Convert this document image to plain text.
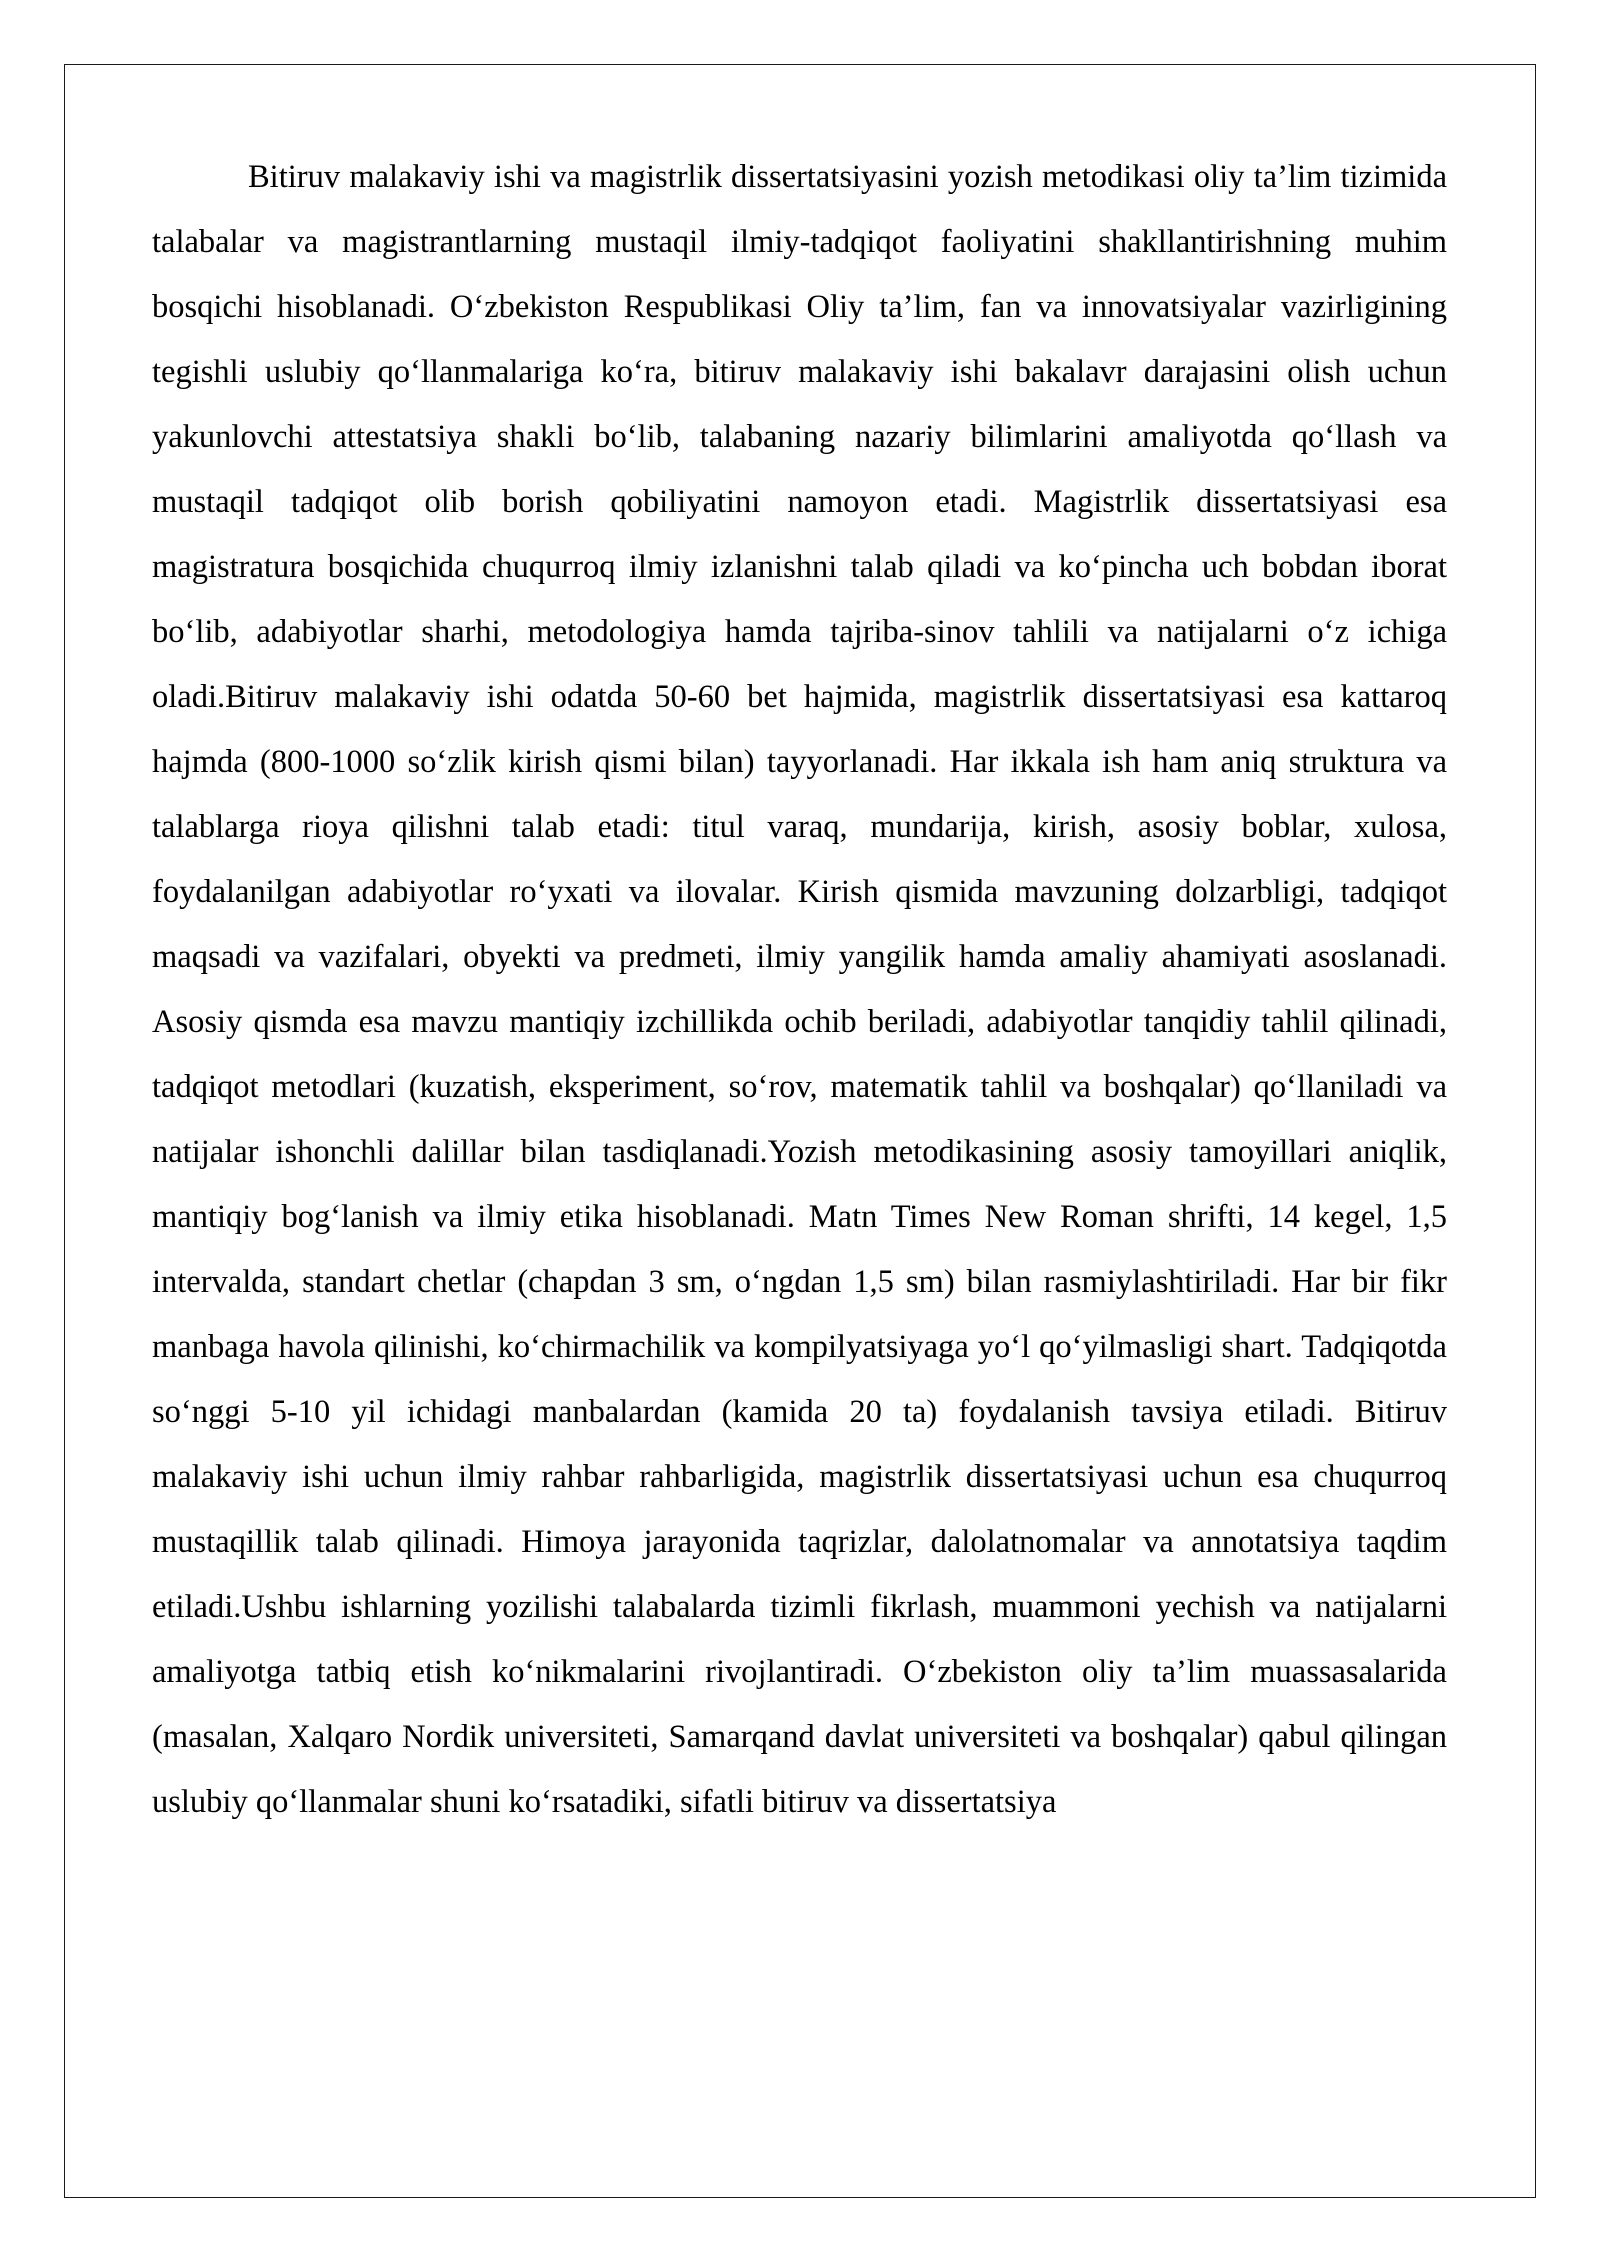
Bitiruv malakaviy ishi va magistrlik dissertatsiyasini yozish metodikasi oliy ta’lim tizimida talabalar va magistrantlarning mustaqil ilmiy-tadqiqot faoliyatini shakllantirishning muhim bosqichi hisoblanadi. O‘zbekiston Respublikasi Oliy ta’lim, fan va innovatsiyalar vazirligining tegishli uslubiy qo‘llanmalariga ko‘ra, bitiruv malakaviy ishi bakalavr darajasini olish uchun yakunlovchi attestatsiya shakli bo‘lib, talabaning nazariy bilimlarini amaliyotda qo‘llash va mustaqil tadqiqot olib borish qobiliyatini namoyon etadi. Magistrlik dissertatsiyasi esa magistratura bosqichida chuqurroq ilmiy izlanishni talab qiladi va ko‘pincha uch bobdan iborat bo‘lib, adabiyotlar sharhi, metodologiya hamda tajriba-sinov tahlili va natijalarni o‘z ichiga oladi.Bitiruv malakaviy ishi odatda 50-60 bet hajmida, magistrlik dissertatsiyasi esa kattaroq hajmda (800-1000 so‘zlik kirish qismi bilan) tayyorlanadi. Har ikkala ish ham aniq struktura va talablarga rioya qilishni talab etadi: titul varaq, mundarija, kirish, asosiy boblar, xulosa, foydalanilgan adabiyotlar ro‘yxati va ilovalar. Kirish qismida mavzuning dolzarbligi, tadqiqot maqsadi va vazifalari, obyekti va predmeti, ilmiy yangilik hamda amaliy ahamiyati asoslanadi. Asosiy qismda esa mavzu mantiqiy izchillikda ochib beriladi, adabiyotlar tanqidiy tahlil qilinadi, tadqiqot metodlari (kuzatish, eksperiment, so‘rov, matematik tahlil va boshqalar) qo‘llaniladi va natijalar ishonchli dalillar bilan tasdiqlanadi.Yozish metodikasining asosiy tamoyillari aniqlik, mantiqiy bog‘lanish va ilmiy etika hisoblanadi. Matn Times New Roman shrifti, 14 kegel, 1,5 intervalda, standart chetlar (chapdan 3 sm, o‘ngdan 1,5 sm) bilan rasmiylashtiriladi. Har bir fikr manbaga havola qilinishi, ko‘chirmachilik va kompilyatsiyaga yo‘l qo‘yilmasligi shart. Tadqiqotda so‘nggi 5-10 yil ichidagi manbalardan (kamida 20 ta) foydalanish tavsiya etiladi. Bitiruv malakaviy ishi uchun ilmiy rahbar rahbarligida, magistrlik dissertatsiyasi uchun esa chuqurroq mustaqillik talab qilinadi. Himoya jarayonida taqrizlar, dalolatnomalar va annotatsiya taqdim etiladi.Ushbu ishlarning yozilishi talabalarda tizimli fikrlash, muammoni yechish va natijalarni amaliyotga tatbiq etish ko‘nikmalarini rivojlantiradi. O‘zbekiston oliy ta’lim muassasalarida (masalan, Xalqaro Nordik universiteti, Samarqand davlat universiteti va boshqalar) qabul qilingan uslubiy qo‘llanmalar shuni ko‘rsatadiki, sifatli bitiruv va dissertatsiya
